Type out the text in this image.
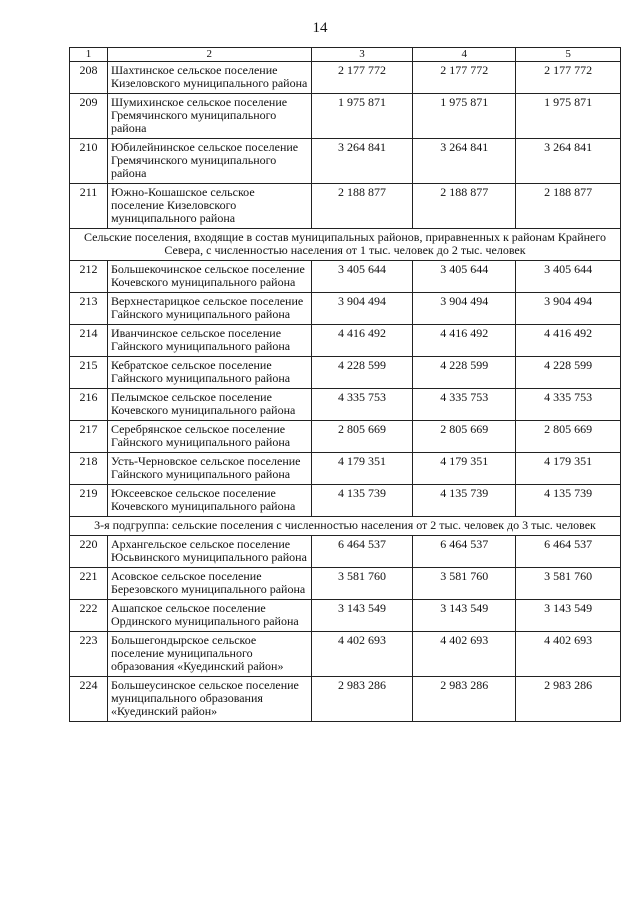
14
1	2	3	4	5
208	Шахтинское сельское поселение Кизеловского муниципального района	2 177 772	2 177 772	2 177 772
209	Шумихинское сельское поселение Гремячинского муниципального района	1 975 871	1 975 871	1 975 871
210	Юбилейнинское сельское поселение Гремячинского муниципального района	3 264 841	3 264 841	3 264 841
211	Южно-Кошашское сельское поселение Кизеловского муниципального района	2 188 877	2 188 877	2 188 877
Сельские поселения, входящие в состав муниципальных районов, приравненных к районам Крайнего Севера, с численностью населения от 1 тыс. человек до 2 тыс. человек				
212	Большекочинское сельское поселение Кочевского муниципального района	3 405 644	3 405 644	3 405 644
213	Верхнестарицкое сельское поселение Гайнского муниципального района	3 904 494	3 904 494	3 904 494
214	Иванчинское сельское поселение Гайнского муниципального района	4 416 492	4 416 492	4 416 492
215	Кебратское сельское поселение Гайнского муниципального района	4 228 599	4 228 599	4 228 599
216	Пелымское сельское поселение Кочевского муниципального района	4 335 753	4 335 753	4 335 753
217	Серебрянское сельское поселение Гайнского муниципального района	2 805 669	2 805 669	2 805 669
218	Усть-Черновское сельское поселение Гайнского муниципального района	4 179 351	4 179 351	4 179 351
219	Юксеевское сельское поселение Кочевского муниципального района	4 135 739	4 135 739	4 135 739
3-я подгруппа: сельские поселения с численностью населения от 2 тыс. человек до 3 тыс. человек				
220	Архангельское сельское поселение Юсьвинского муниципального района	6 464 537	6 464 537	6 464 537
221	Асовское сельское поселение Березовского муниципального района	3 581 760	3 581 760	3 581 760
222	Ашапское сельское поселение Ординского муниципального района	3 143 549	3 143 549	3 143 549
223	Большегондырское сельское поселение муниципального образования «Куединский район»	4 402 693	4 402 693	4 402 693
224	Большеусинское сельское поселение муниципального образования «Куединский район»	2 983 286	2 983 286	2 983 286
